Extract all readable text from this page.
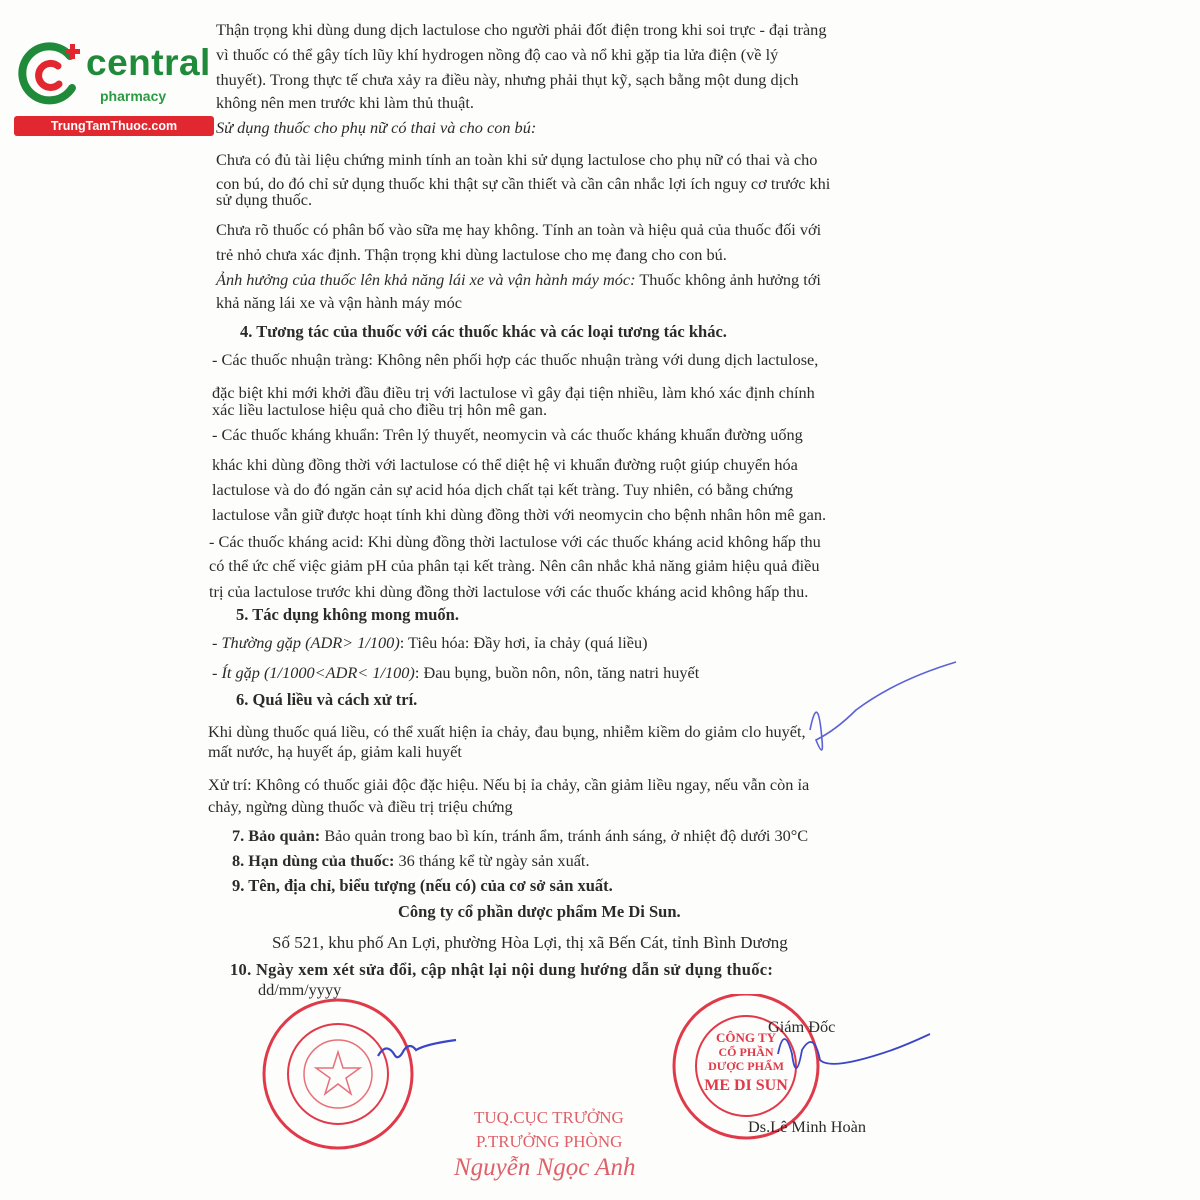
central
pharmacy
TrungTamThuoc.com
Thận trọng khi dùng dung dịch lactulose cho người phải đốt điện trong khi soi trực - đại tràng
vì thuốc có thể gây tích lũy khí hydrogen nồng độ cao và nổ khi gặp tia lửa điện (về lý
thuyết). Trong thực tế chưa xảy ra điều này, nhưng phải thụt kỹ, sạch bằng một dung dịch
không nên men trước khi làm thủ thuật.
Sử dụng thuốc cho phụ nữ có thai và cho con bú:
Chưa có đủ tài liệu chứng minh tính an toàn khi sử dụng lactulose cho phụ nữ có thai và cho
con bú, do đó chỉ sử dụng thuốc khi thật sự cần thiết và cần cân nhắc lợi ích nguy cơ trước khi
sử dụng thuốc.
Chưa rõ thuốc có phân bố vào sữa mẹ hay không. Tính an toàn và hiệu quả của thuốc đối với
trẻ nhỏ chưa xác định. Thận trọng khi dùng lactulose cho mẹ đang cho con bú.
Ảnh hưởng của thuốc lên khả năng lái xe và vận hành máy móc: Thuốc không ảnh hưởng tới
khả năng lái xe và vận hành máy móc
4. Tương tác của thuốc với các thuốc khác và các loại tương tác khác.
- Các thuốc nhuận tràng: Không nên phối hợp các thuốc nhuận tràng với dung dịch lactulose,
đặc biệt khi mới khởi đầu điều trị với lactulose vì gây đại tiện nhiều, làm khó xác định chính
xác liều lactulose hiệu quả cho điều trị hôn mê gan.
- Các thuốc kháng khuẩn: Trên lý thuyết, neomycin và các thuốc kháng khuẩn đường uống
khác khi dùng đồng thời với lactulose có thể diệt hệ vi khuẩn đường ruột giúp chuyển hóa
lactulose và do đó ngăn cản sự acid hóa dịch chất tại kết tràng. Tuy nhiên, có bằng chứng
lactulose vẫn giữ được hoạt tính khi dùng đồng thời với neomycin cho bệnh nhân hôn mê gan.
- Các thuốc kháng acid: Khi dùng đồng thời lactulose với các thuốc kháng acid không hấp thu
có thể ức chế việc giảm pH của phân tại kết tràng. Nên cân nhắc khả năng giảm hiệu quả điều
trị của lactulose trước khi dùng đồng thời lactulose với các thuốc kháng acid không hấp thu.
5. Tác dụng không mong muốn.
- Thường gặp (ADR> 1/100): Tiêu hóa: Đầy hơi, ỉa chảy (quá liều)
- Ít gặp (1/1000<ADR< 1/100): Đau bụng, buồn nôn, nôn, tăng natri huyết
6. Quá liều và cách xử trí.
Khi dùng thuốc quá liều, có thể xuất hiện ỉa chảy, đau bụng, nhiễm kiềm do giảm clo huyết,
mất nước, hạ huyết áp, giảm kali huyết
Xử trí: Không có thuốc giải độc đặc hiệu. Nếu bị ỉa chảy, cần giảm liều ngay, nếu vẫn còn ỉa
chảy, ngừng dùng thuốc và điều trị triệu chứng
7. Bảo quản: Bảo quản trong bao bì kín, tránh ẩm, tránh ánh sáng, ở nhiệt độ dưới 30°C
8. Hạn dùng của thuốc: 36 tháng kể từ ngày sản xuất.
9. Tên, địa chỉ, biểu tượng (nếu có) của cơ sở sản xuất.
Công ty cổ phần dược phẩm Me Di Sun.
Số 521, khu phố An Lợi, phường Hòa Lợi, thị xã Bến Cát, tỉnh Bình Dương
10. Ngày xem xét sửa đổi, cập nhật lại nội dung hướng dẫn sử dụng thuốc:
dd/mm/yyyy
CÔNG TY
CỔ PHẦN
DƯỢC PHẨM
ME DI SUN
Giám Đốc
Ds.Lê Minh Hoàn
TUQ.CỤC TRƯỞNG
P.TRƯỞNG PHÒNG
Nguyễn Ngọc Anh
